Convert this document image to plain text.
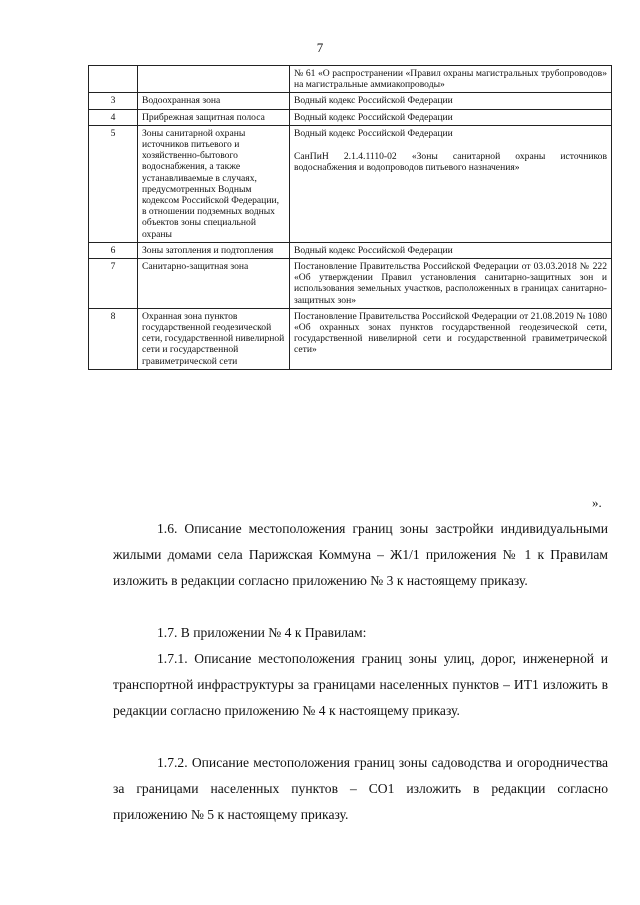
7

		№ 61 «О распространении «Правил охраны магистральных трубопроводов» на магистральные аммиакопроводы»

3	Водоохранная зона	Водный кодекс Российской Федерации

4	Прибрежная защитная полоса	Водный кодекс Российской Федерации

5	Зоны санитарной охраны источников питьевого и хозяйственно-бытового водоснабжения, а также устанавливаемые в случаях, предусмотренных Водным кодексом Российской Федерации, в отношении подземных водных объектов зоны специальной охраны	Водный кодекс Российской Федерации
СанПиН 2.1.4.1110-02 «Зоны санитарной охраны источников водоснабжения и водопроводов питьевого назначения»

6	Зоны затопления и подтопления	Водный кодекс Российской Федерации

7	Санитарно-защитная зона	Постановление Правительства Российской Федерации от 03.03.2018 № 222 «Об утверждении Правил установления санитарно-защитных зон и использования земельных участков, расположенных в границах санитарно-защитных зон»

8	Охранная зона пунктов государственной геодезической сети, государственной нивелирной сети и государственной гравиметрической сети	Постановление Правительства Российской Федерации от 21.08.2019 № 1080 «Об охранных зонах пунктов государственной геодезической сети, государственной нивелирной сети и государственной гравиметрической сети»
».

1.6. Описание местоположения границ зоны застройки индивидуальными жилыми домами села Парижская Коммуна – Ж1/1 приложения № 1 к Правилам изложить в редакции согласно приложению № 3 к настоящему приказу.

1.7. В приложении № 4 к Правилам:

1.7.1. Описание местоположения границ зоны улиц, дорог, инженерной и транспортной инфраструктуры за границами населенных пунктов – ИТ1 изложить в редакции согласно приложению № 4 к настоящему приказу.

1.7.2. Описание местоположения границ зоны садоводства и огородничества за границами населенных пунктов – СО1 изложить в редакции согласно приложению № 5 к настоящему приказу.
